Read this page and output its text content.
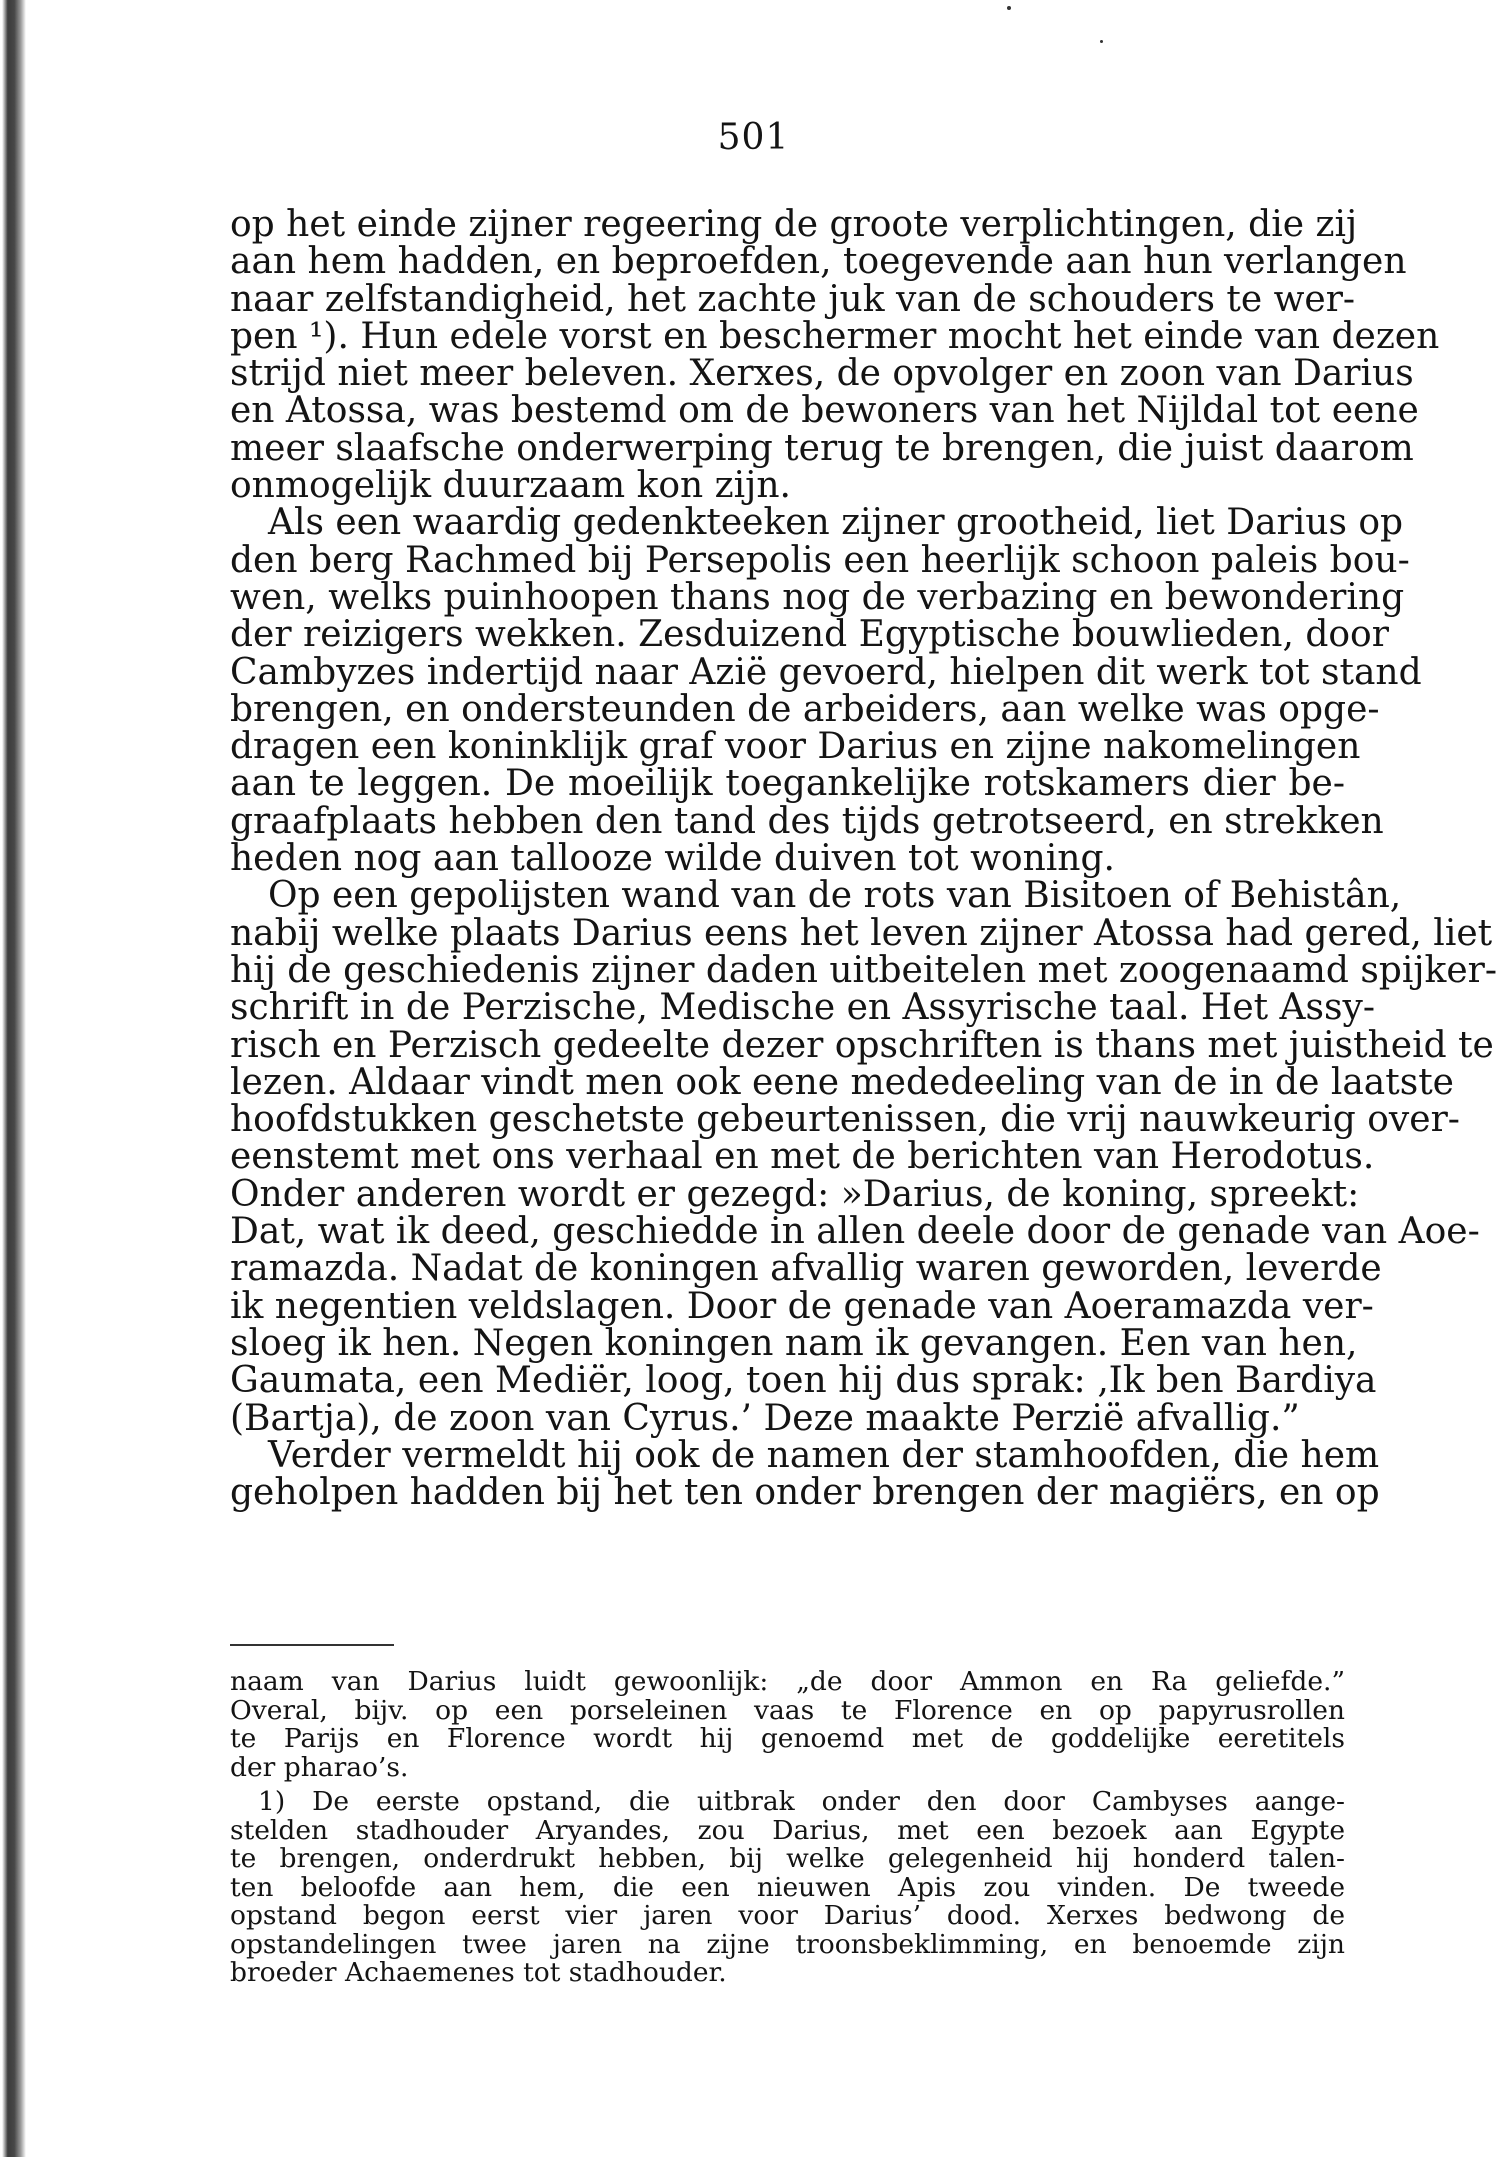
501
op het einde zijner regeering de groote verplichtingen, die zij
aan hem hadden, en beproefden, toegevende aan hun verlangen
naar zelfstandigheid, het zachte juk van de schouders te wer-
pen ¹). Hun edele vorst en beschermer mocht het einde van dezen
strijd niet meer beleven. Xerxes, de opvolger en zoon van Darius
en Atossa, was bestemd om de bewoners van het Nijldal tot eene
meer slaafsche onderwerping terug te brengen, die juist daarom
onmogelijk duurzaam kon zijn.
Als een waardig gedenkteeken zijner grootheid, liet Darius op
den berg Rachmed bij Persepolis een heerlijk schoon paleis bou-
wen, welks puinhoopen thans nog de verbazing en bewondering
der reizigers wekken. Zesduizend Egyptische bouwlieden, door
Cambyzes indertijd naar Azië gevoerd, hielpen dit werk tot stand
brengen, en ondersteunden de arbeiders, aan welke was opge-
dragen een koninklijk graf voor Darius en zijne nakomelingen
aan te leggen. De moeilijk toegankelijke rotskamers dier be-
graafplaats hebben den tand des tijds getrotseerd, en strekken
heden nog aan tallooze wilde duiven tot woning.
Op een gepolijsten wand van de rots van Bisitoen of Behistân,
nabij welke plaats Darius eens het leven zijner Atossa had gered, liet
hij de geschiedenis zijner daden uitbeitelen met zoogenaamd spijker-
schrift in de Perzische, Medische en Assyrische taal. Het Assy-
risch en Perzisch gedeelte dezer opschriften is thans met juistheid te
lezen. Aldaar vindt men ook eene mededeeling van de in de laatste
hoofdstukken geschetste gebeurtenissen, die vrij nauwkeurig over-
eenstemt met ons verhaal en met de berichten van Herodotus.
Onder anderen wordt er gezegd: »Darius, de koning, spreekt:
Dat, wat ik deed, geschiedde in allen deele door de genade van Aoe-
ramazda. Nadat de koningen afvallig waren geworden, leverde
ik negentien veldslagen. Door de genade van Aoeramazda ver-
sloeg ik hen. Negen koningen nam ik gevangen. Een van hen,
Gaumata, een Mediër, loog, toen hij dus sprak: ‚Ik ben Bardiya
(Bartja), de zoon van Cyrus.’ Deze maakte Perzië afvallig.”
Verder vermeldt hij ook de namen der stamhoofden, die hem
geholpen hadden bij het ten onder brengen der magiërs, en op
naam van Darius luidt gewoonlijk: „de door Ammon en Ra geliefde.”
Overal, bijv. op een porseleinen vaas te Florence en op papyrusrollen
te Parijs en Florence wordt hij genoemd met de goddelijke eeretitels
der pharao’s.
1) De eerste opstand, die uitbrak onder den door Cambyses aange-
stelden stadhouder Aryandes, zou Darius, met een bezoek aan Egypte
te brengen, onderdrukt hebben, bij welke gelegenheid hij honderd talen-
ten beloofde aan hem, die een nieuwen Apis zou vinden. De tweede
opstand begon eerst vier jaren voor Darius’ dood. Xerxes bedwong de
opstandelingen twee jaren na zijne troonsbeklimming, en benoemde zijn
broeder Achaemenes tot stadhouder.
